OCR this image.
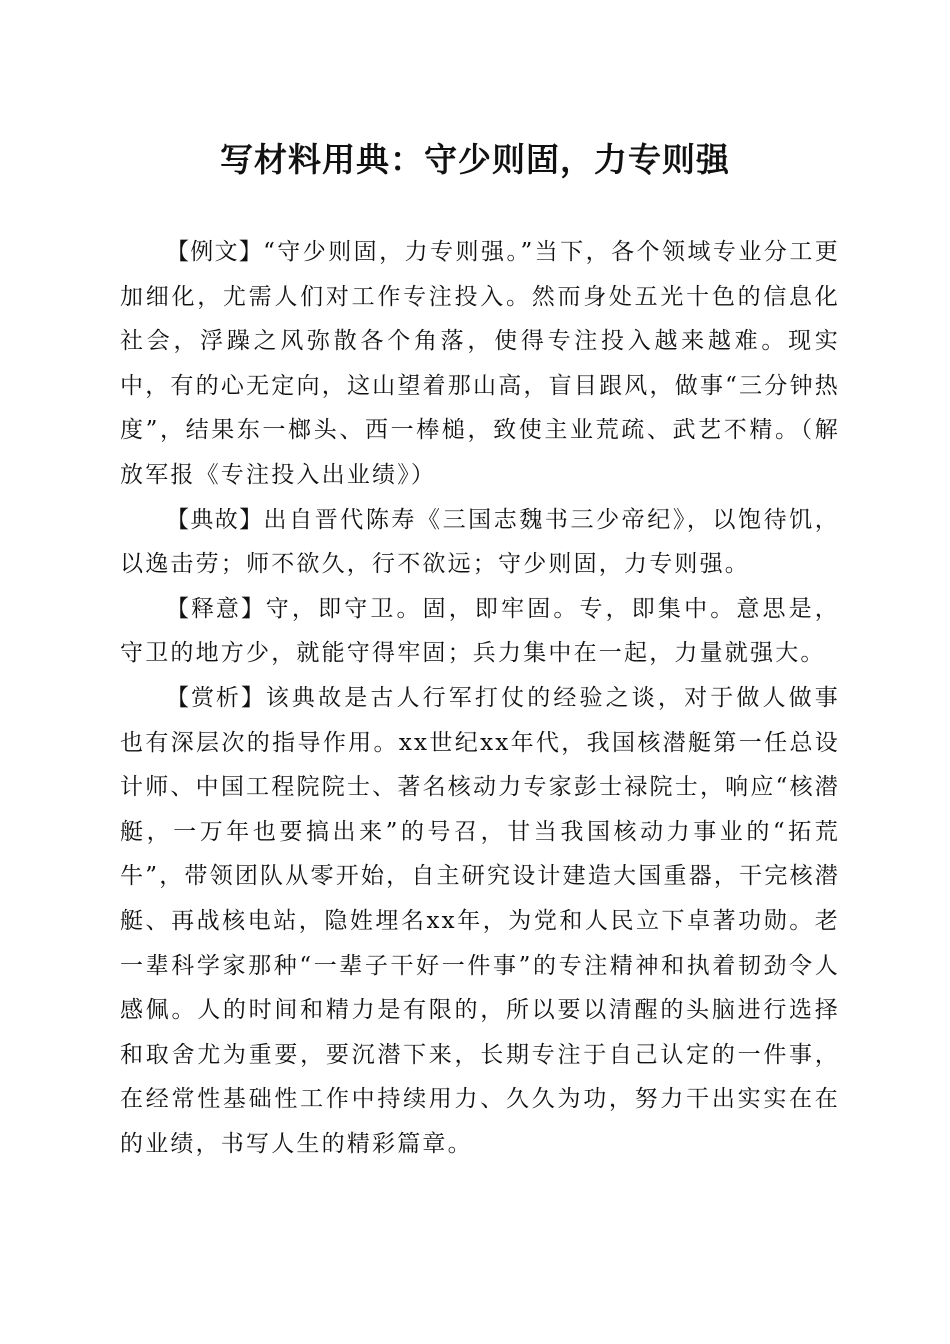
写材料用典：守少则固，力专则强

【例文】“守少则固，力专则强。”当下，各个领域专业分工更加细化，尤需人们对工作专注投入。然而身处五光十色的信息化社会，浮躁之风弥散各个角落，使得专注投入越来越难。现实中，有的心无定向，这山望着那山高，盲目跟风，做事“三分钟热度”，结果东一榔头、西一棒槌，致使主业荒疏、武艺不精。（解放军报《专注投入出业绩》）

【典故】出自晋代陈寿《三国志魏书三少帝纪》，以饱待饥，以逸击劳；师不欲久，行不欲远；守少则固，力专则强。

【释意】守，即守卫。固，即牢固。专，即集中。意思是，守卫的地方少，就能守得牢固；兵力集中在一起，力量就强大。

【赏析】该典故是古人行军打仗的经验之谈，对于做人做事也有深层次的指导作用。xx世纪xx年代，我国核潜艇第一任总设计师、中国工程院院士、著名核动力专家彭士禄院士，响应“核潜艇，一万年也要搞出来”的号召，甘当我国核动力事业的“拓荒牛”，带领团队从零开始，自主研究设计建造大国重器，干完核潜艇、再战核电站，隐姓埋名xx年，为党和人民立下卓著功勋。老一辈科学家那种“一辈子干好一件事”的专注精神和执着韧劲令人感佩。人的时间和精力是有限的，所以要以清醒的头脑进行选择和取舍尤为重要，要沉潜下来，长期专注于自己认定的一件事，在经常性基础性工作中持续用力、久久为功，努力干出实实在在的业绩，书写人生的精彩篇章。
